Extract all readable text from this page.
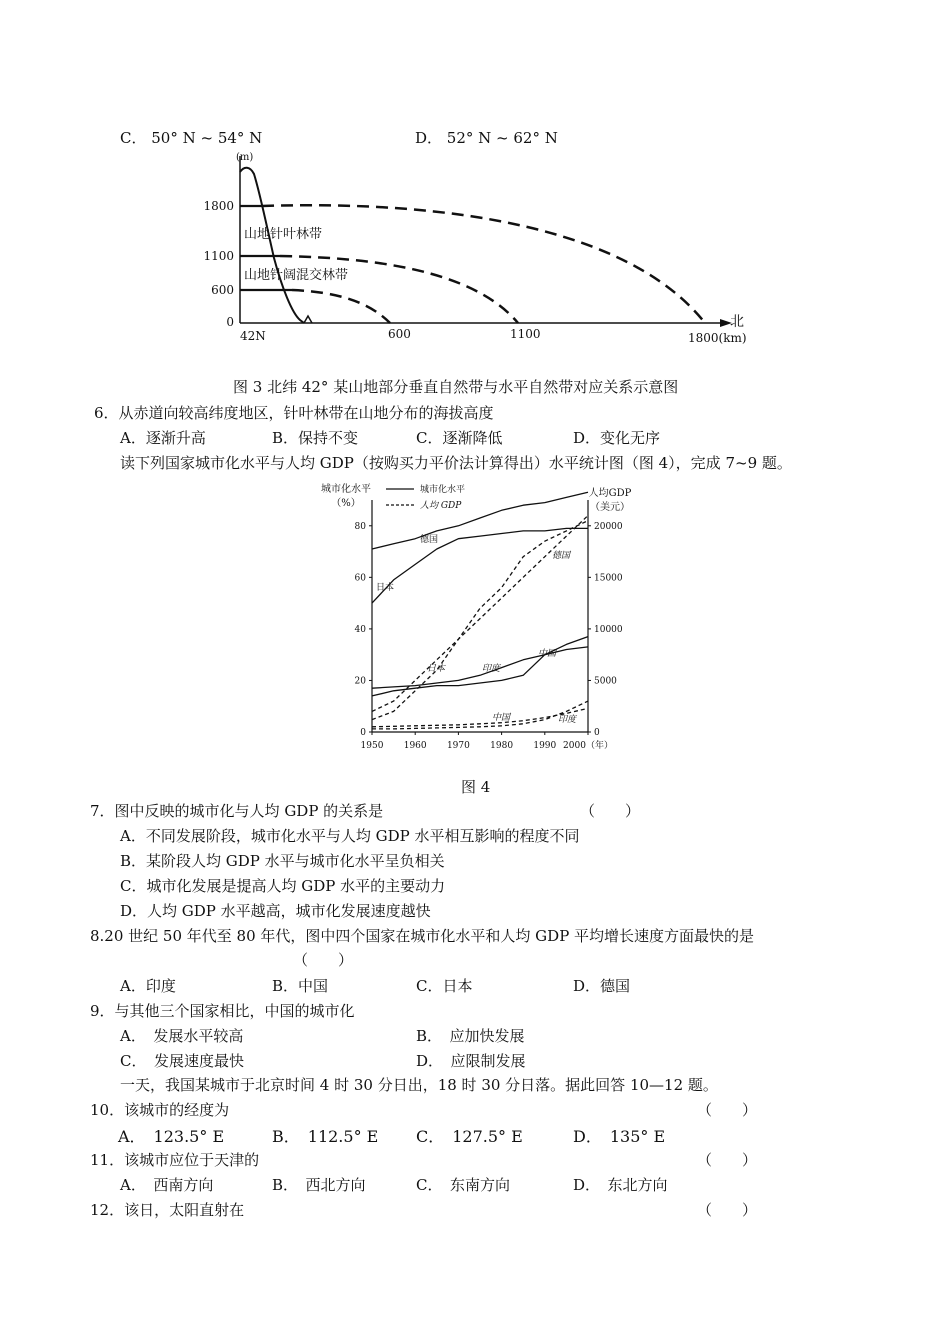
C． 50° N ~ 54° N	D． 52° N ~ 62° N
1800
1100
600
0
(m)
42N	600	1100	1800(km)
北
山地针叶林带
山地针阔混交林带
图 3 北纬 42° 某山地部分垂直自然带与水平自然带对应关系示意图
6．从赤道向较高纬度地区，针叶林带在山地分布的海拔高度
A．逐渐升高	B．保持不变	C．逐渐降低	D．变化无序
读下列国家城市化水平与人均 GDP（按购买力平价法计算得出）水平统计图（图 4），完成 7~9 题。
80
60
40
20
0
20000
15000
10000
5000
0
1950 1960 1970 1980 1990 2000（年）
城市化水平
（%）
人均GDP
（美元）
城市化水平
人均 GDP
德国
日本
德国
日本	印度
中国
中国	印度
图 4
7．图中反映的城市化与人均 GDP 的关系是	（　　）
A．不同发展阶段，城市化水平与人均 GDP 水平相互影响的程度不同
B．某阶段人均 GDP 水平与城市化水平呈负相关
C．城市化发展是提高人均 GDP 水平的主要动力
D．人均 GDP 水平越高，城市化发展速度越快
8.20 世纪 50 年代至 80 年代，图中四个国家在城市化水平和人均 GDP 平均增长速度方面最快的是
（　　）
A．印度	B．中国	C．日本	D．德国
9．与其他三个国家相比，中国的城市化
A．　发展水平较高	B．　应加快发展
C．　发展速度最快	D．　应限制发展
一天，我国某城市于北京时间 4 时 30 分日出，18 时 30 分日落。据此回答 10—12 题。
10．该城市的经度为	（　　）
A．　123.5° E	B．　112.5° E C．　127.5° E	D．　135° E
11．该城市应位于天津的	（　　）
A．　西南方向	B．　西北方向	C．　东南方向	D．　东北方向
12．该日，太阳直射在	（　　）
